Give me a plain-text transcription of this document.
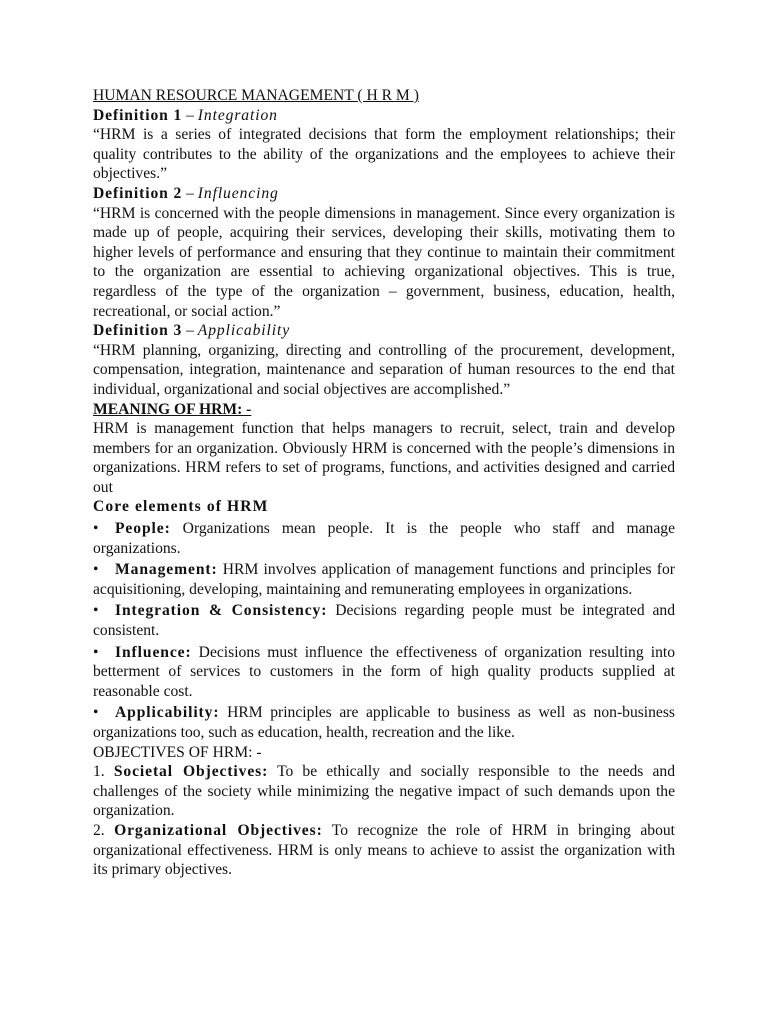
HUMAN RESOURCE MANAGEMENT ( H R M )

Definition 1 – Integration

“HRM is a series of integrated decisions that form the employment relationships; their quality contributes to the ability of the organizations and the employees to achieve their objectives.”

Definition 2 – Influencing

“HRM is concerned with the people dimensions in management. Since every organization is made up of people, acquiring their services, developing their skills, motivating them to higher levels of performance and ensuring that they continue to maintain their commitment to the organization are essential to achieving organizational objectives. This is true, regardless of the type of the organization – government, business, education, health, recreational, or social action.”

Definition 3 – Applicability

“HRM planning, organizing, directing and controlling of the procurement, development, compensation, integration, maintenance and separation of human resources to the end that individual, organizational and social objectives are accomplished.”

MEANING OF HRM: -

HRM is management function that helps managers to recruit, select, train and develop members for an organization. Obviously HRM is concerned with the people’s dimensions in organizations. HRM refers to set of programs, functions, and activities designed and carried out

Core elements of HRM

• People: Organizations mean people. It is the people who staff and manage organizations.

• Management: HRM involves application of management functions and principles for acquisitioning, developing, maintaining and remunerating employees in organizations.

• Integration & Consistency: Decisions regarding people must be integrated and consistent.

• Influence: Decisions must influence the effectiveness of organization resulting into betterment of services to customers in the form of high quality products supplied at reasonable cost.

• Applicability: HRM principles are applicable to business as well as non-business organizations too, such as education, health, recreation and the like.

OBJECTIVES OF HRM: -

1. Societal Objectives: To be ethically and socially responsible to the needs and challenges of the society while minimizing the negative impact of such demands upon the organization.

2. Organizational Objectives: To recognize the role of HRM in bringing about organizational effectiveness. HRM is only means to achieve to assist the organization with its primary objectives.
